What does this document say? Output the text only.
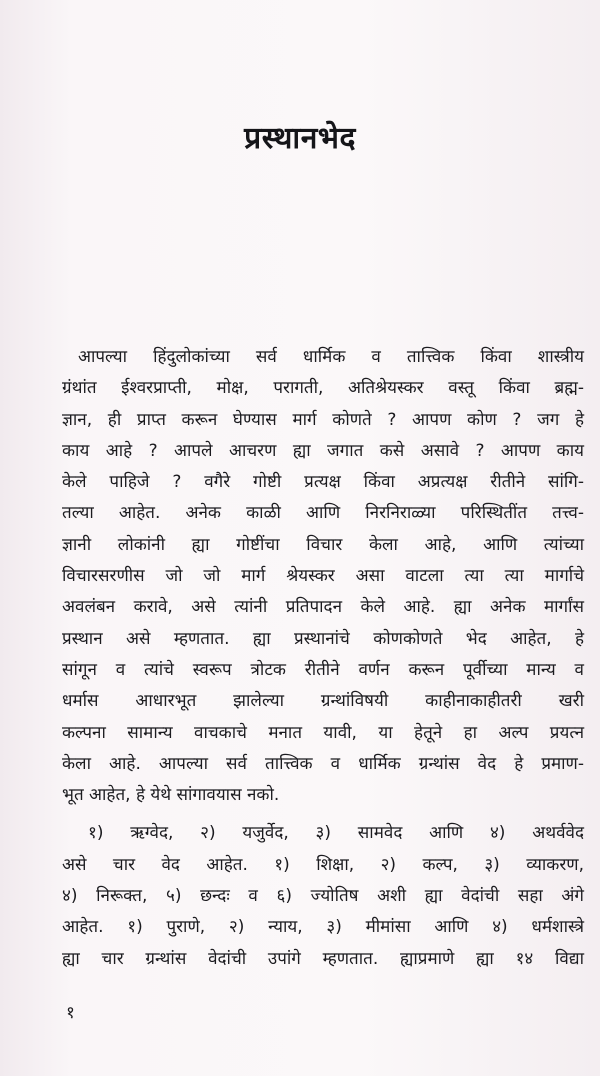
प्रस्थानभेद

आपल्या हिंदुलोकांच्या सर्व धार्मिक व तात्त्विक किंवा शास्त्रीय
ग्रंथांत ईश्वरप्राप्ती, मोक्ष, परागती, अतिश्रेयस्कर वस्तू किंवा ब्रह्म-
ज्ञान, ही प्राप्त करून घेण्यास मार्ग कोणते ? आपण कोण ? जग हे
काय आहे ? आपले आचरण ह्या जगात कसे असावे ? आपण काय
केले पाहिजे ? वगैरे गोष्टी प्रत्यक्ष किंवा अप्रत्यक्ष रीतीने सांगि-
तल्या आहेत. अनेक काळी आणि निरनिराळ्या परिस्थितींत तत्त्व-
ज्ञानी लोकांनी ह्या गोष्टींचा विचार केला आहे, आणि त्यांच्या
विचारसरणीस जो जो मार्ग श्रेयस्कर असा वाटला त्या त्या मार्गाचे
अवलंबन करावे, असे त्यांनी प्रतिपादन केले आहे. ह्या अनेक मार्गांस
प्रस्थान असे म्हणतात. ह्या प्रस्थानांचे कोणकोणते भेद आहेत, हे
सांगून व त्यांचे स्वरूप त्रोटक रीतीने वर्णन करून पूर्वीच्या मान्य व
धर्मास आधारभूत झालेल्या ग्रन्थांविषयी काहीनाकाहीतरी खरी
कल्पना सामान्य वाचकाचे मनात यावी, या हेतूने हा अल्प प्रयत्न
केला आहे. आपल्या सर्व तात्त्विक व धार्मिक ग्रन्थांस वेद हे प्रमाण-
भूत आहेत, हे येथे सांगावयास नको.

१) ऋग्वेद, २) यजुर्वेद, ३) सामवेद आणि ४) अथर्ववेद
असे चार वेद आहेत. १) शिक्षा, २) कल्प, ३) व्याकरण,
४) निरूक्त, ५) छन्दः व ६) ज्योतिष अशी ह्या वेदांची सहा अंगे
आहेत. १) पुराणे, २) न्याय, ३) मीमांसा आणि ४) धर्मशास्त्रे
ह्या चार ग्रन्थांस वेदांची उपांगे म्हणतात. ह्याप्रमाणे ह्या १४ विद्या

१
